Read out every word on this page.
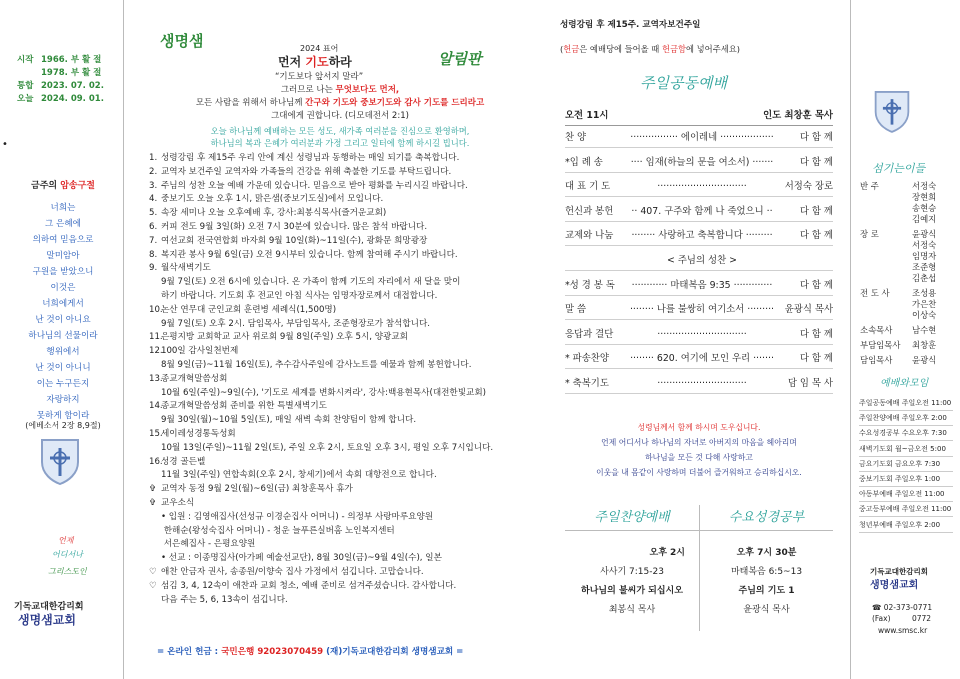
생명샘
시작 1966. 부 활 절
1978. 부 활 절
통합 2023. 07. 02.
오늘 2024. 09. 01.
•
금주의 암송구절
너희는
그 은혜에
의하여 믿음으로
말미암아
구원을 받았으니
이것은
너희에게서
난 것이 아니요
하나님의 선물이라
행위에서
난 것이 아니니
이는 누구든지
자랑하지
못하게 함이라
(에베소서 2장 8,9절)
언제
어디서나
그리스도인
기독교대한감리회
생명샘교회
2024 표어
먼저 기도하라
“기도보다 앞서지 말라”
알림판
그러므로 나는 무엇보다도 먼저,
모든 사람을 위해서 하나님께 간구와 기도와 중보기도와 감사 기도를 드리라고
그대에게 권합니다. (디모데전서 2:1)
오늘 하나님께 예배하는 모든 성도, 새가족 여러분을 진심으로 환영하며,
하나님의 복과 은혜가 여러분과 가정 그리고 일터에 함께 하시길 빕니다.
1. 성령강림 후 제15주 우리 안에 계신 성령님과 동행하는 매일 되기를 축복합니다.
2. 교역자 보건주일 교역자와 가족들의 건강을 위해 축불한 기도를 부탁드립니다.
3. 주님의 성찬 오늘 예배 가운데 있습니다. 믿음으로 받아 평화를 누리시길 바랍니다.
4. 중보기도 오늘 오후 1시, 맑은샘(중보기도실)에서 모입니다.
5. 속장 세미나 오늘 오후예배 후, 강사:최봉식목사(즐거운교회)
6. 커피 전도 9월 3일(화) 오전 7시 30분에 있습니다. 많은 참석 바랍니다.
7. 여선교회 전국연합회 바자회 9월 10일(화)~11일(수), 광화문 희망광장
8. 복지관 봉사 9월 6일(금) 오전 9시부터 있습니다. 함께 참여해 주시기 바랍니다.
9. 월삭새벽기도
9월 7일(토) 오전 6시에 있습니다. 온 가족이 함께 기도의 자리에서 새 달을 맞이
하기 바랍니다. 기도회 후 전교인 아침 식사는 임명자장로께서 대접합니다.
10.논산 연무대 군인교회 훈련병 세례식(1,500명)
9월 7일(토) 오후 2시. 담임목사, 부담임목사, 조준형장로가 참석합니다.
11.은평지방 교회학교 교사 위로회 9월 8일(주일) 오후 5시, 양광교회
12.100일 감사일천번제
8월 9일(금)~11월 16일(토), 추수감사주일에 감사노트를 예물과 함께 봉헌합니다.
13.종교개혁말씀성회
10월 6일(주일)~9일(수), '기도로 세계를 변화시켜라', 강사:백용현목사(대전한빛교회)
14.종교개혁말씀성회 준비를 위한 특별새벽기도
9월 30일(월)~10월 5일(토), 매일 새벽 속회 찬양팀이 함께 합니다.
15.세이레성경통독성회
10월 13일(주일)~11월 2일(토), 주일 오후 2시, 토요일 오후 3시, 평일 오후 7시입니다.
16.성경 골든벨
11월 3일(주일) 연합속회(오후 2시, 창세기)에서 속회 대항전으로 합니다.
✞ 교역자 동정 9월 2일(월)~6일(금) 최창훈목사 휴가
✞ 교우소식
• 입원 : 김영애집사(선성규 이경순집사 어머니) - 의정부 사랑마루요양원
한해순(왕성숙집사 어머니) - 청운 늘푸른실버홈 노인복지센터
서은혜집사 - 은평요양원
• 선교 : 이종명집사(아가페 예술선교단), 8월 30일(금)~9월 4일(수), 일본
♡ 애찬 안금자 권사, 송종원/이향숙 집사 가정에서 섬깁니다. 고맙습니다.
♡ 섬김 3, 4, 12속이 애찬과 교회 청소, 예배 준비로 섬겨주셨습니다. 감사합니다.
다음 주는 5, 6, 13속이 섬깁니다.
= 온라인 헌금 : 국민은행 92023070459 (재)기독교대한감리회 생명샘교회 =
성령강림 후 제15주. 교역자보건주일
(헌금은 예배당에 들어올 때 헌금함에 넣어주세요)
주일공동예배
오전 11시	인도 최창훈 목사
찬 양	················ 에이레네 ··················	다 함 께
*입 례 송	···· 임재(하늘의 문을 여소서) ·······	다 함 께
대 표 기 도	······························	서정숙 장로
헌신과 봉헌	·· 407. 구주와 함께 나 죽었으니 ··	다 함 께
교제와 나눔	········ 사랑하고 축복합니다 ·········	다 함 께
< 주님의 성찬 >
*성 경 봉 독	············ 마태복음 9:35 ·············	다 함 께
말 씀	········ 나를 불쌍히 여기소서 ·········	윤광식 목사
응답과 결단	······························	다 함 께
* 파송찬양	········ 620. 여기에 모인 우리 ·······	다 함 께
* 축복기도	······························	담 임 목 사
성령님께서 함께 하시며 도우십니다.
언제 어디서나 하나님의 자녀로 아버지의 마음을 헤아리며
하나님을 모든 것 다해 사랑하고
이웃을 내 몸같이 사랑하며 더불어 즐거워하고 승리하십시오.
주일찬양예배	수요성경공부
오후 2시
사사기 7:15-23
하나님의 불씨가 되십시오
최봉식 목사
오후 7시 30분
마태복음 6:5~13
주님의 기도 1
윤광식 목사
섬기는이들
반 주	서정숙
장현희
송현승
김예지
장 로	윤광식
서정숙
임명자
조준형
김춘섭
전 도 사	조성용
가은찬
이상숙
소속목사 남수현
부담임목사 최창훈
담임목사 윤광식
예배와모임
주일공동예배 주일오전 11:00
주일찬양예배 주일오후 2:00
수요성경공부 수요오후 7:30
새벽기도회 월~금오전 5:00
금요기도회 금요오후 7:30
중보기도회 주일오후 1:00
아동부예배 주일오전 11:00
중고등부예배 주일오전 11:00
청년부예배 주일오후 2:00
기독교대한감리회
생명샘교회
☎ 02-373-0771
(Fax)         0772
www.smsc.kr
